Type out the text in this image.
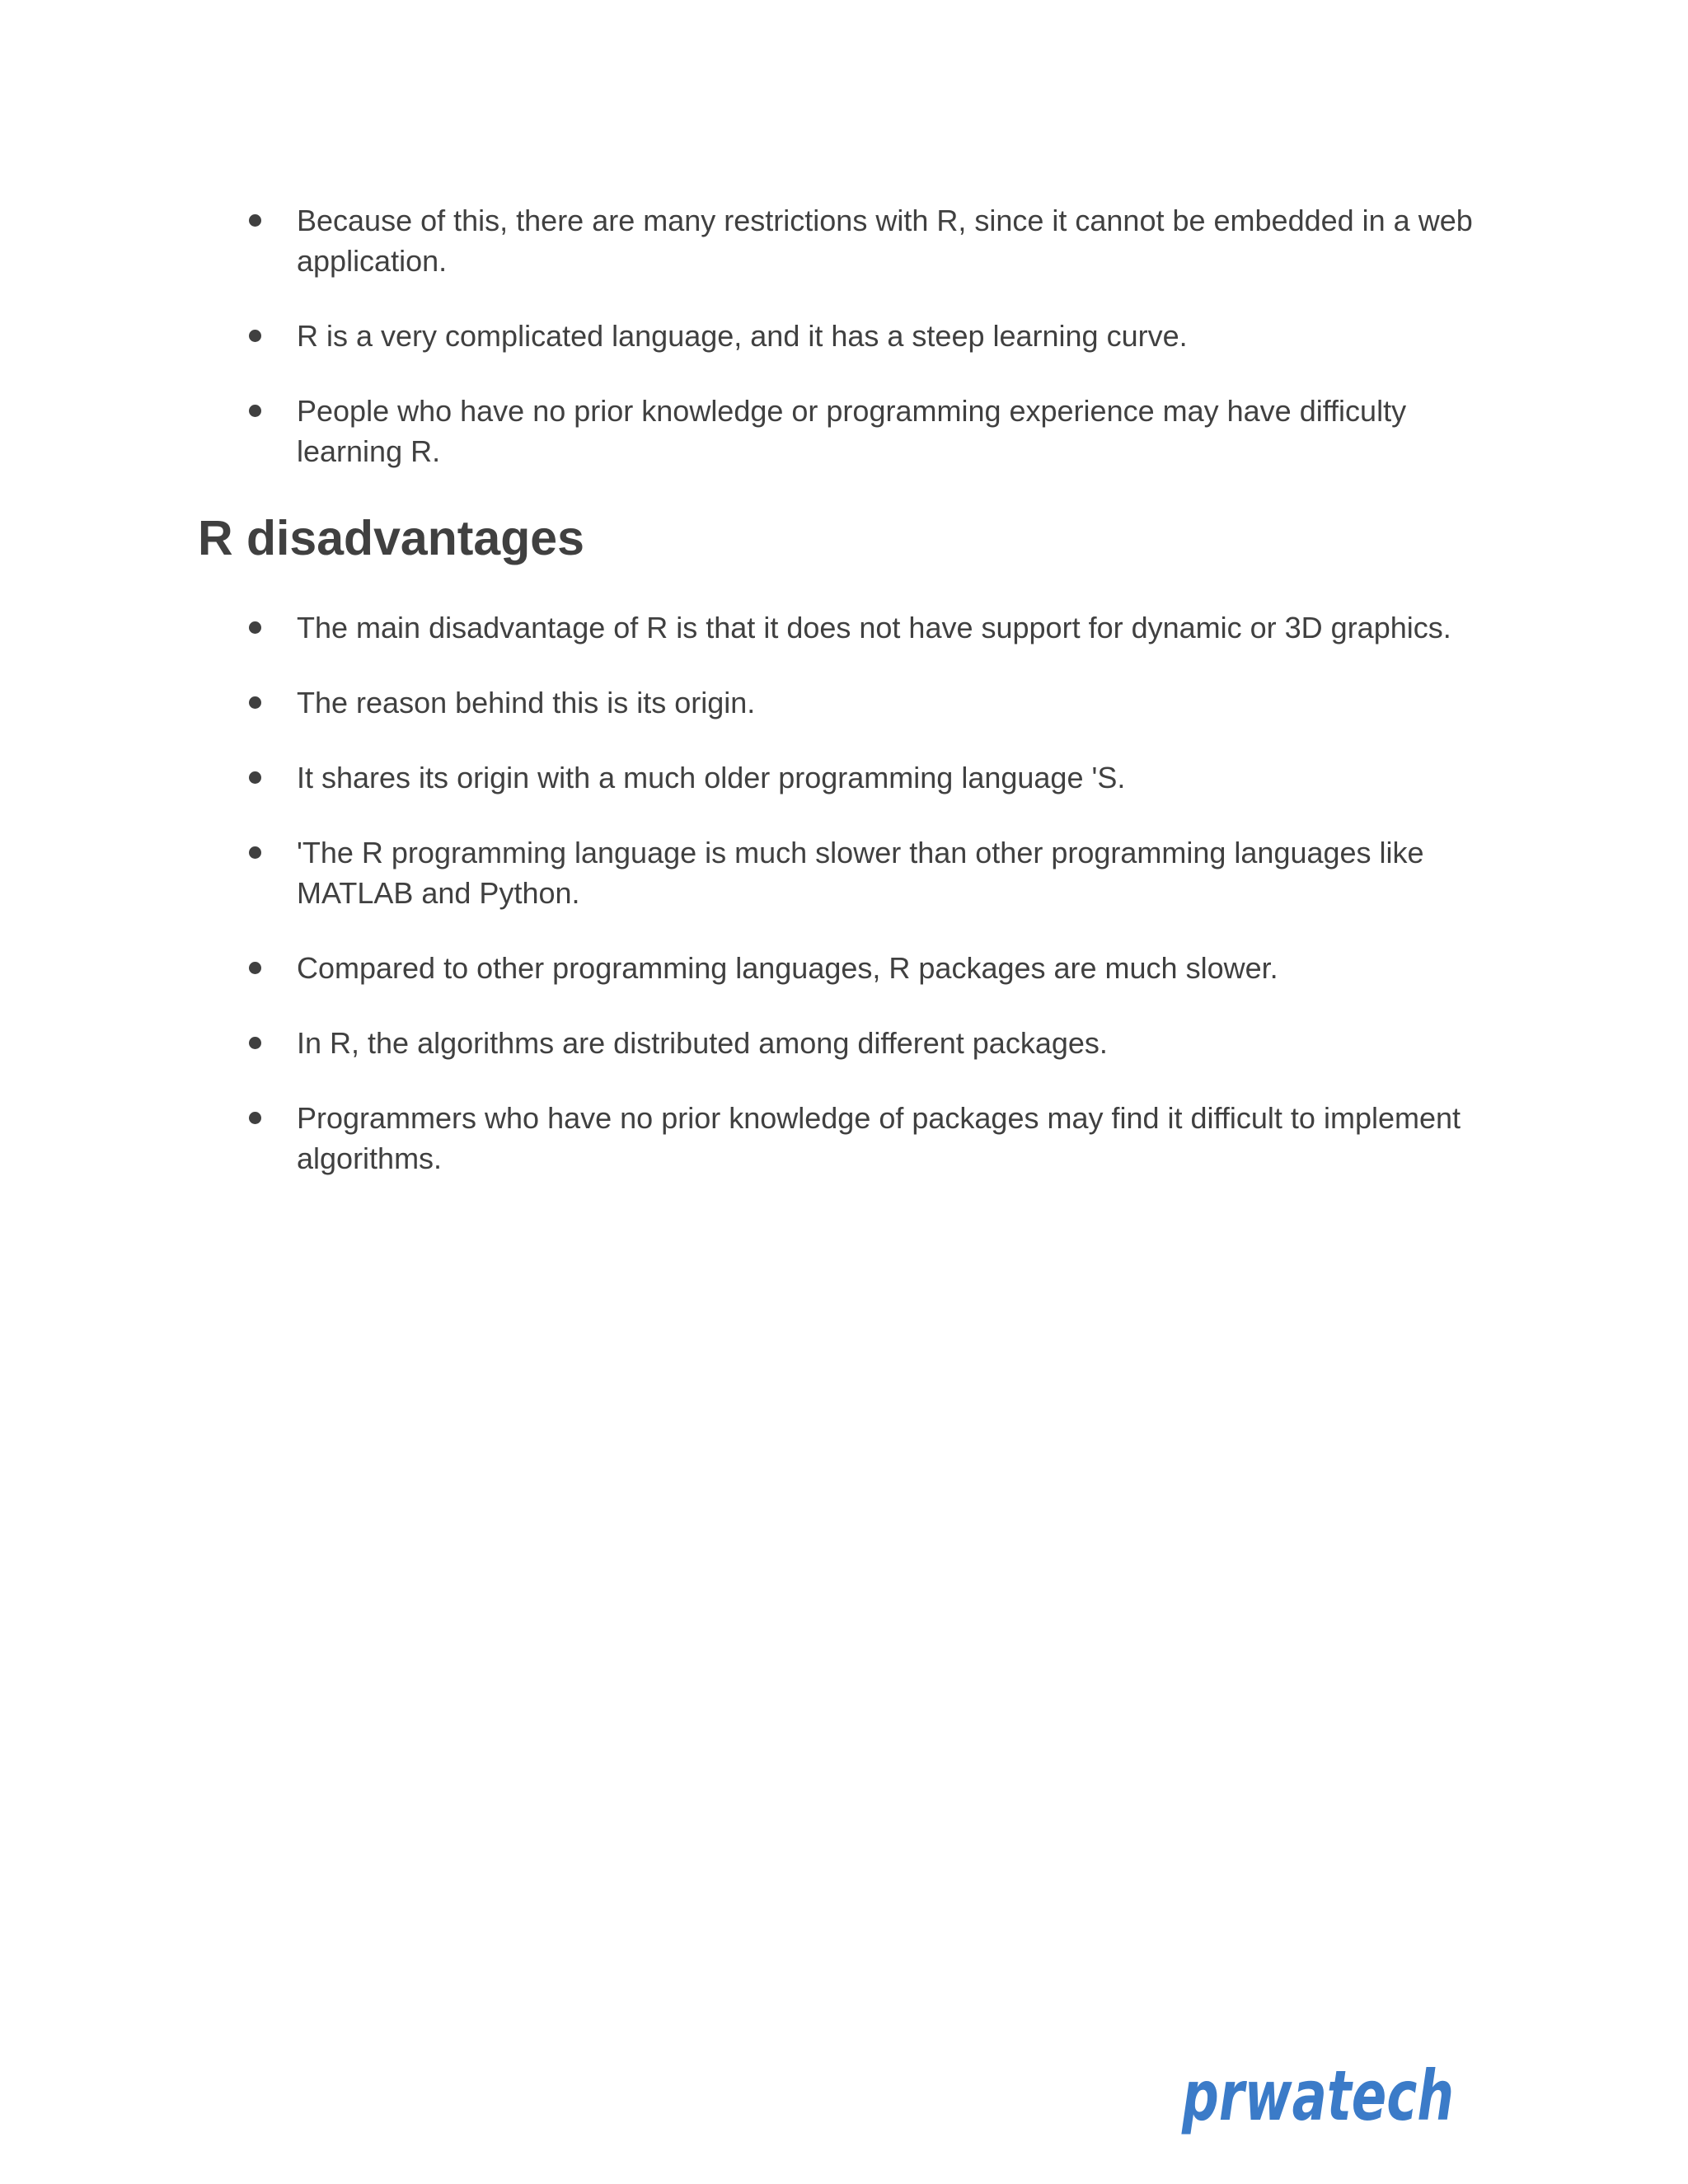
Because of this, there are many restrictions with R, since it cannot be embedded in a web application.
R is a very complicated language, and it has a steep learning curve.
People who have no prior knowledge or programming experience may have difficulty learning R.
R disadvantages
The main disadvantage of R is that it does not have support for dynamic or 3D graphics.
The reason behind this is its origin.
It shares its origin with a much older programming language 'S.
'The R programming language is much slower than other programming languages like MATLAB and Python.
Compared to other programming languages, R packages are much slower.
In R, the algorithms are distributed among different packages.
Programmers who have no prior knowledge of packages may find it difficult to implement algorithms.
prwatech
